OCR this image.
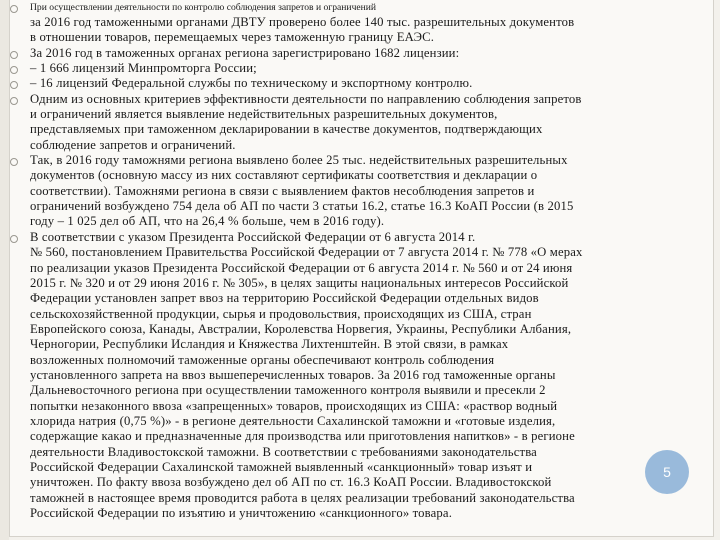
При осуществлении деятельности по контролю соблюдения запретов и ограничений

за 2016 год таможенными органами ДВТУ проверено более 140 тыс. разрешительных документов
в отношении товаров, перемещаемых через таможенную границу ЕАЭС.

За 2016 год в таможенных органах региона зарегистрировано 1682 лицензии:

– 1 666 лицензий Минпромторга России;

– 16 лицензий Федеральной службы по техническому и экспортному контролю.

Одним из основных критериев эффективности деятельности по направлению соблюдения запретов
и ограничений является выявление недействительных разрешительных документов,
представляемых при таможенном декларировании в качестве документов, подтверждающих
соблюдение запретов и ограничений.

Так, в 2016 году таможнями региона выявлено более 25 тыс. недействительных разрешительных
документов (основную массу из них составляют сертификаты соответствия и декларации о
соответствии). Таможнями региона в связи с выявлением фактов несоблюдения запретов и
ограничений возбуждено 754 дела об АП по части 3 статьи 16.2, статье 16.3 КоАП России (в 2015
году – 1 025 дел об АП, что на 26,4 % больше, чем в 2016 году).

В соответствии с указом Президента Российской Федерации от 6 августа 2014 г.
№ 560, постановлением Правительства Российской Федерации от 7 августа 2014 г. № 778 «О мерах
по реализации указов Президента Российской Федерации от 6 августа 2014 г. № 560 и от 24 июня
2015 г. № 320 и от 29 июня 2016 г. № 305», в целях защиты национальных интересов Российской
Федерации установлен запрет ввоз на территорию Российской Федерации отдельных видов
сельскохозяйственной продукции, сырья и продовольствия, происходящих из США, стран
Европейского союза, Канады, Австралии, Королевства Норвегия, Украины, Республики Албания,
Черногории, Республики Исландия и Княжества Лихтенштейн. В этой связи, в рамках
возложенных полномочий таможенные органы обеспечивают контроль соблюдения
установленного запрета на ввоз вышеперечисленных товаров. За 2016 год таможенные органы
Дальневосточного региона при осуществлении таможенного контроля выявили и пресекли 2
попытки незаконного ввоза «запрещенных» товаров, происходящих из США: «раствор водный
хлорида натрия (0,75 %)» - в регионе деятельности Сахалинской таможни и «готовые изделия,
содержащие какао и предназначенные для производства или приготовления напитков» - в регионе
деятельности Владивостокской таможни. В соответствии с требованиями законодательства
Российской Федерации Сахалинской таможней выявленный «санкционный» товар изъят и
уничтожен. По факту ввоза возбуждено дел об АП по ст. 16.3 КоАП России. Владивостокской
таможней в настоящее время проводится работа в целях реализации требований законодательства
Российской Федерации по изъятию и уничтожению «санкционного» товара.

5
